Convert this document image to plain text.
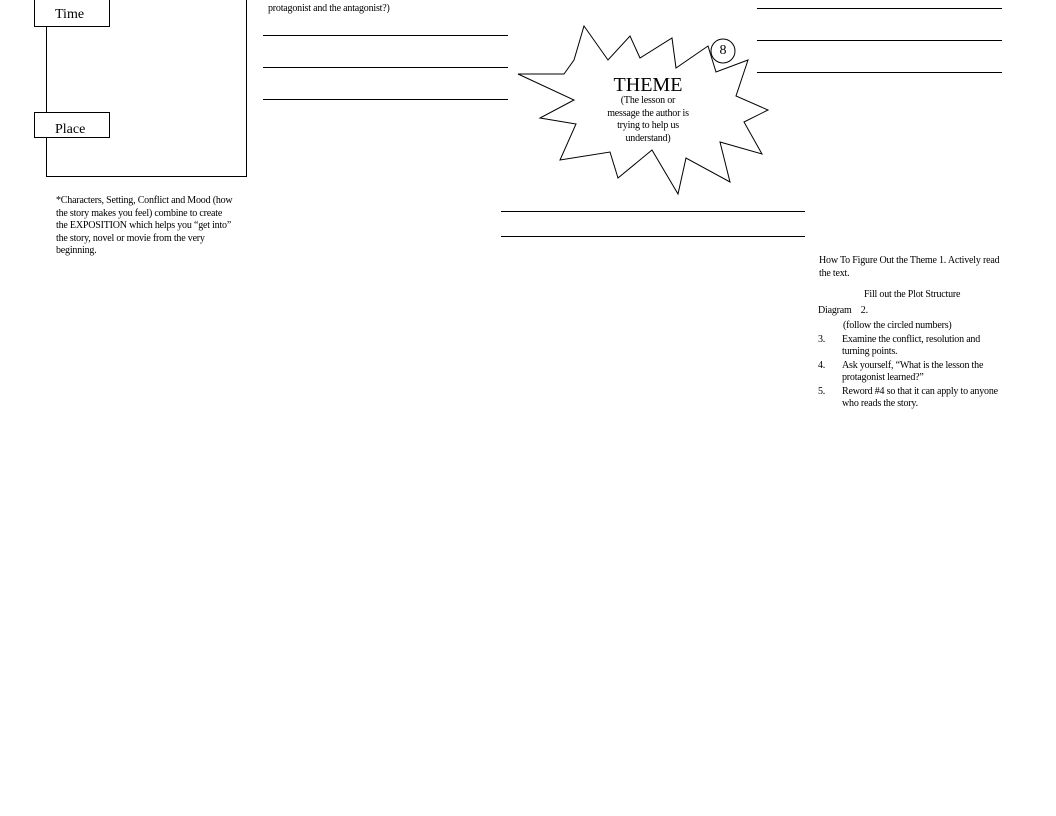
Time
Place
*Characters, Setting, Conflict and Mood (how the story makes you feel) combine to create the EXPOSITION which helps you “get into” the story, novel or movie from the very beginning.
protagonist and the antagonist?)
8
THEME
(The lesson or message the author is trying to help us understand)
How To Figure Out the Theme 1. Actively read the text.
Fill out the Plot Structure
Diagram    2.
(follow the circled numbers)
3. Examine the conflict, resolution and turning points.
4. Ask yourself, “What is the lesson the protagonist learned?”
5. Reword #4 so that it can apply to anyone who reads the story.
